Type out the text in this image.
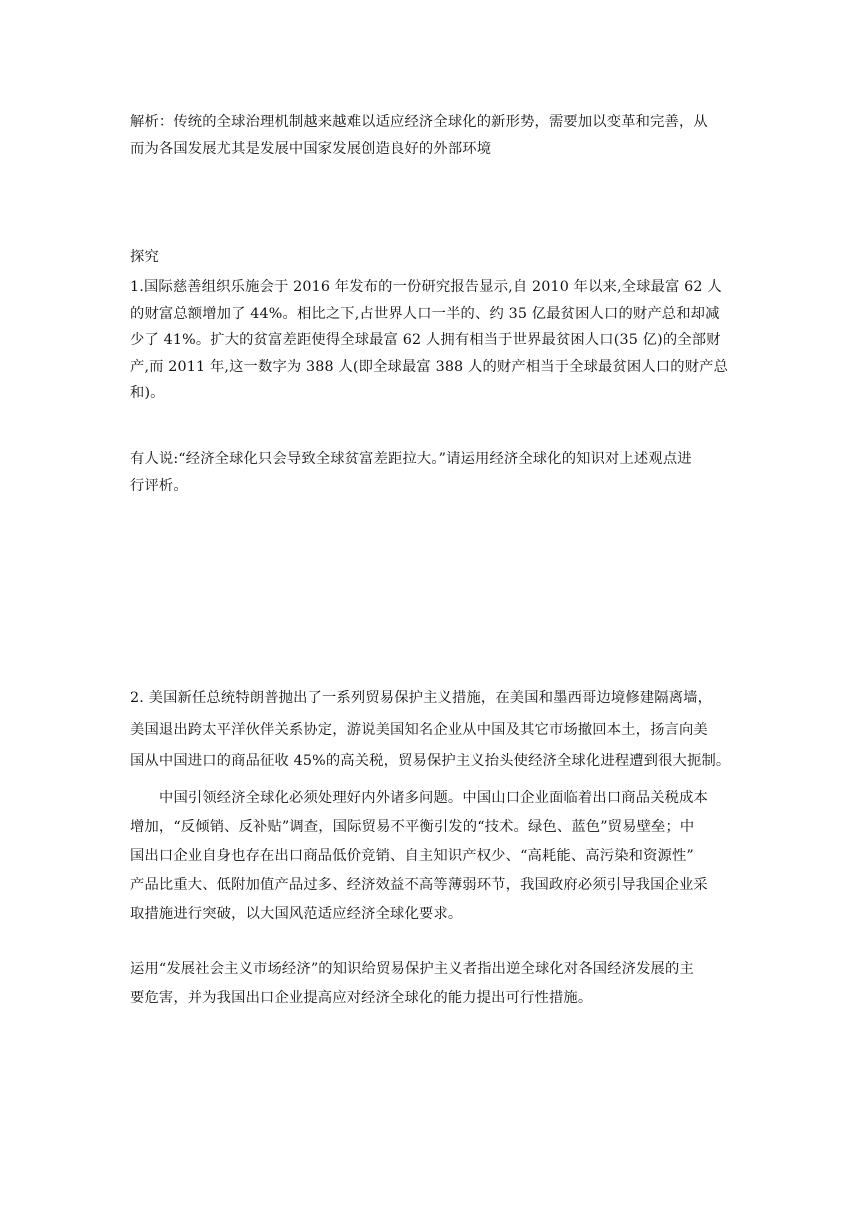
解析：传统的全球治理机制越来越难以适应经济全球化的新形势，需要加以变革和完善，从
而为各国发展尤其是发展中国家发展创造良好的外部环境
探究
1.国际慈善组织乐施会于 2016 年发布的一份研究报告显示,自 2010 年以来,全球最富 62 人
的财富总额增加了 44%。相比之下,占世界人口一半的、约 35 亿最贫困人口的财产总和却减
少了 41%。扩大的贫富差距使得全球最富 62 人拥有相当于世界最贫困人口(35 亿)的全部财
产,而 2011 年,这一数字为 388 人(即全球最富 388 人的财产相当于全球最贫困人口的财产总
和)。
有人说:“经济全球化只会导致全球贫富差距拉大。”请运用经济全球化的知识对上述观点进
行评析。
2. 美国新任总统特朗普抛出了一系列贸易保护主义措施，在美国和墨西哥边境修建隔离墙，
美国退出跨太平洋伙伴关系协定，游说美国知名企业从中国及其它市场撤回本土，扬言向美
国从中国进口的商品征收 45%的高关税，贸易保护主义抬头使经济全球化进程遭到很大扼制。
中国引领经济全球化必须处理好内外诸多问题。中国山口企业面临着出口商品关税成本
增加，“反倾销、反补贴”调查，国际贸易不平衡引发的“技术。绿色、蓝色”贸易壁垒；中
国出口企业自身也存在出口商品低价竞销、自主知识产权少、“高耗能、高污染和资源性”
产品比重大、低附加值产品过多、经济效益不高等薄弱环节，我国政府必须引导我国企业采
取措施进行突破，以大国风范适应经济全球化要求。
运用“发展社会主义市场经济”的知识给贸易保护主义者指出逆全球化对各国经济发展的主
要危害，并为我国出口企业提高应对经济全球化的能力提出可行性措施。
